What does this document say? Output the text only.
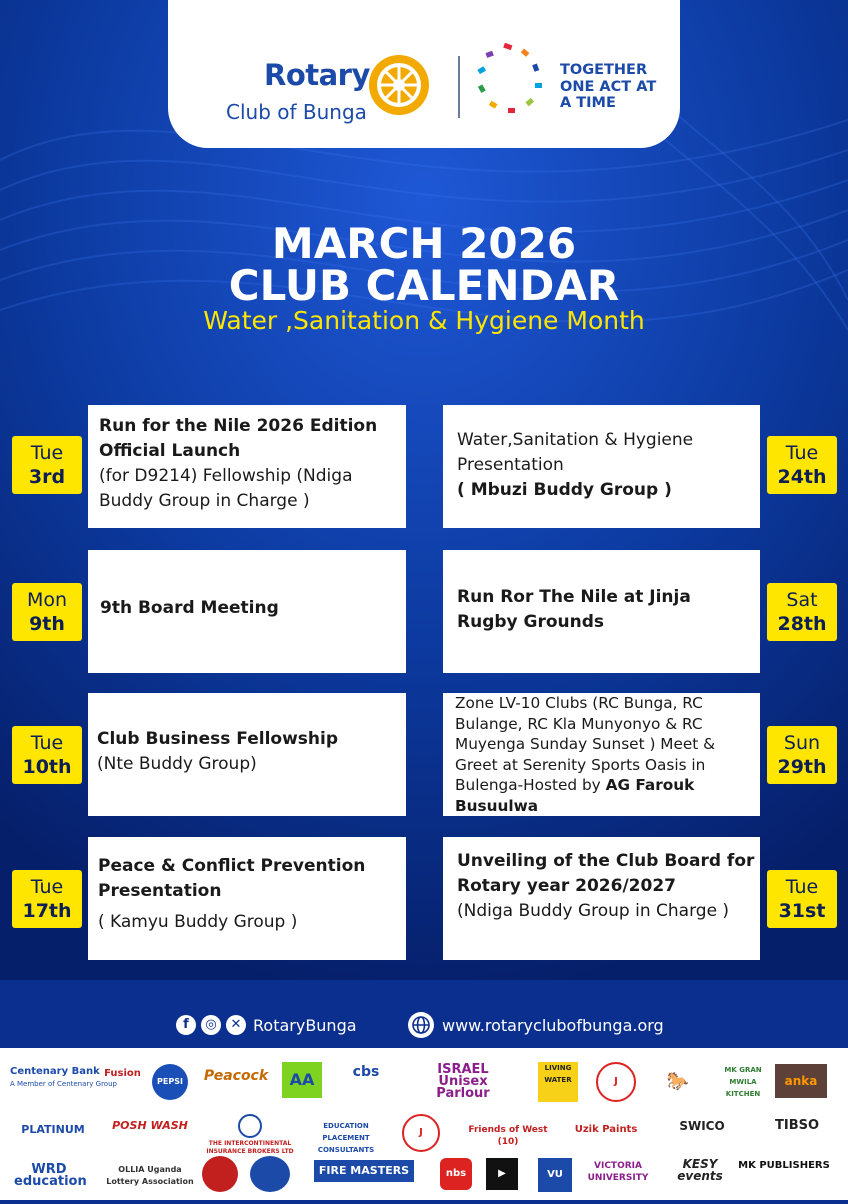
Rotary
Club of Bunga
TOGETHER
ONE ACT AT
A TIME
MARCH 2026
CLUB CALENDAR
Water ,Sanitation & Hygiene Month
Run for the Nile 2026 Edition Official Launch
(for D9214) Fellowship (Ndiga Buddy Group in Charge )
Tue
3rd
9th Board Meeting
Mon
9th
Club Business Fellowship
(Nte Buddy Group)
Tue
10th
Peace & Conflict Prevention Presentation
( Kamyu Buddy Group )
Tue
17th
Water,Sanitation & Hygiene Presentation
( Mbuzi Buddy Group )
Tue
24th
Run Ror The Nile at Jinja Rugby Grounds
Sat
28th
Zone LV-10 Clubs (RC Bunga, RC Bulange, RC Kla Munyonyo & RC Muyenga Sunday Sunset ) Meet & Greet at Serenity Sports Oasis in Bulenga-Hosted by AG Farouk Busuulwa
Sun
29th
Unveiling of the Club Board for Rotary year 2026/2027
(Ndiga Buddy Group in Charge )
Tue
31st
f	◎	✕ RotaryBunga	www.rotaryclubofbunga.org
Centenary Bank
A Member of Centenary Group
Fusion
PEPSI	Peacock	AA	cbs	ISRAEL Unisex Parlour
LIVING WATER	J	🐎
MK GRAN MWILA KITCHEN
anka
PLATINUM	POSH WASH
THE INTERCONTINENTAL INSURANCE BROKERS LTD
EDUCATION PLACEMENT CONSULTANTS
J	Friends of West (10)
Uzik Paints	SWICO	TIBSO
WRD education
OLLIA Uganda Lottery Association
FIRE MASTERS LTD
nbs	▶	VU
VICTORIA UNIVERSITY
KESY events
MK PUBLISHERS
